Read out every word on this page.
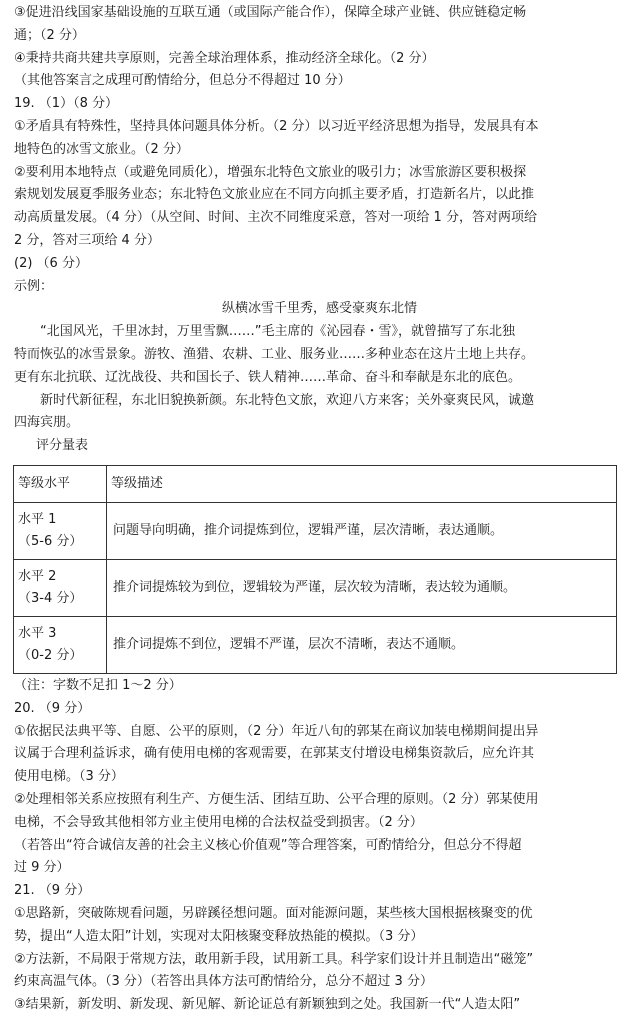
③促进沿线国家基础设施的互联互通（或国际产能合作），保障全球产业链、供应链稳定畅

通；（2 分）

④秉持共商共建共享原则，完善全球治理体系，推动经济全球化。（2 分）

（其他答案言之成理可酌情给分，但总分不得超过 10 分）

19. （1）（8 分）

①矛盾具有特殊性，坚持具体问题具体分析。（2 分）以习近平经济思想为指导，发展具有本

地特色的冰雪文旅业。（2 分）

②要利用本地特点（或避免同质化），增强东北特色文旅业的吸引力；冰雪旅游区要积极探

索规划发展夏季服务业态；东北特色文旅业应在不同方向抓主要矛盾，打造新名片，以此推

动高质量发展。（4 分）（从空间、时间、主次不同维度采意，答对一项给 1 分，答对两项给

2 分，答对三项给 4 分）

(2) （6 分）

示例：

纵横冰雪千里秀，感受豪爽东北情

“北国风光，千里冰封，万里雪飘……”毛主席的《沁园春・雪》，就曾描写了东北独

特而恢弘的冰雪景象。游牧、渔猎、农耕、工业、服务业……多种业态在这片土地上共存。

更有东北抗联、辽沈战役、共和国长子、铁人精神……革命、奋斗和奉献是东北的底色。

新时代新征程，东北旧貌换新颜。东北特色文旅，欢迎八方来客；关外豪爽民风，诚邀

四海宾朋。

评分量表

等级水平	等级描述

水平 1
（5-6 分）	问题导向明确，推介词提炼到位，逻辑严谨，层次清晰，表达通顺。

水平 2
（3-4 分）	推介词提炼较为到位，逻辑较为严谨，层次较为清晰，表达较为通顺。

水平 3
（0-2 分）	推介词提炼不到位，逻辑不严谨，层次不清晰，表达不通顺。

（注：字数不足扣 1～2 分）

20. （9 分）

①依据民法典平等、自愿、公平的原则，（2 分）年近八旬的郭某在商议加装电梯期间提出异

议属于合理利益诉求，确有使用电梯的客观需要，在郭某支付增设电梯集资款后，应允许其

使用电梯。（3 分）

②处理相邻关系应按照有利生产、方便生活、团结互助、公平合理的原则。（2 分）郭某使用

电梯，不会导致其他相邻方业主使用电梯的合法权益受到损害。（2 分）

（若答出“符合诚信友善的社会主义核心价值观”等合理答案，可酌情给分，但总分不得超

过 9 分）

21. （9 分）

①思路新，突破陈规看问题，另辟蹊径想问题。面对能源问题，某些核大国根据核聚变的优

势，提出“人造太阳”计划，实现对太阳核聚变释放热能的模拟。（3 分）

②方法新，不局限于常规方法，敢用新手段，试用新工具。科学家们设计并且制造出“磁笼”

约束高温气体。（3 分）（若答出具体方法可酌情给分，总分不超过 3 分）

③结果新，新发明、新发现、新见解、新论证总有新颖独到之处。我国新一代“人造太阳”
